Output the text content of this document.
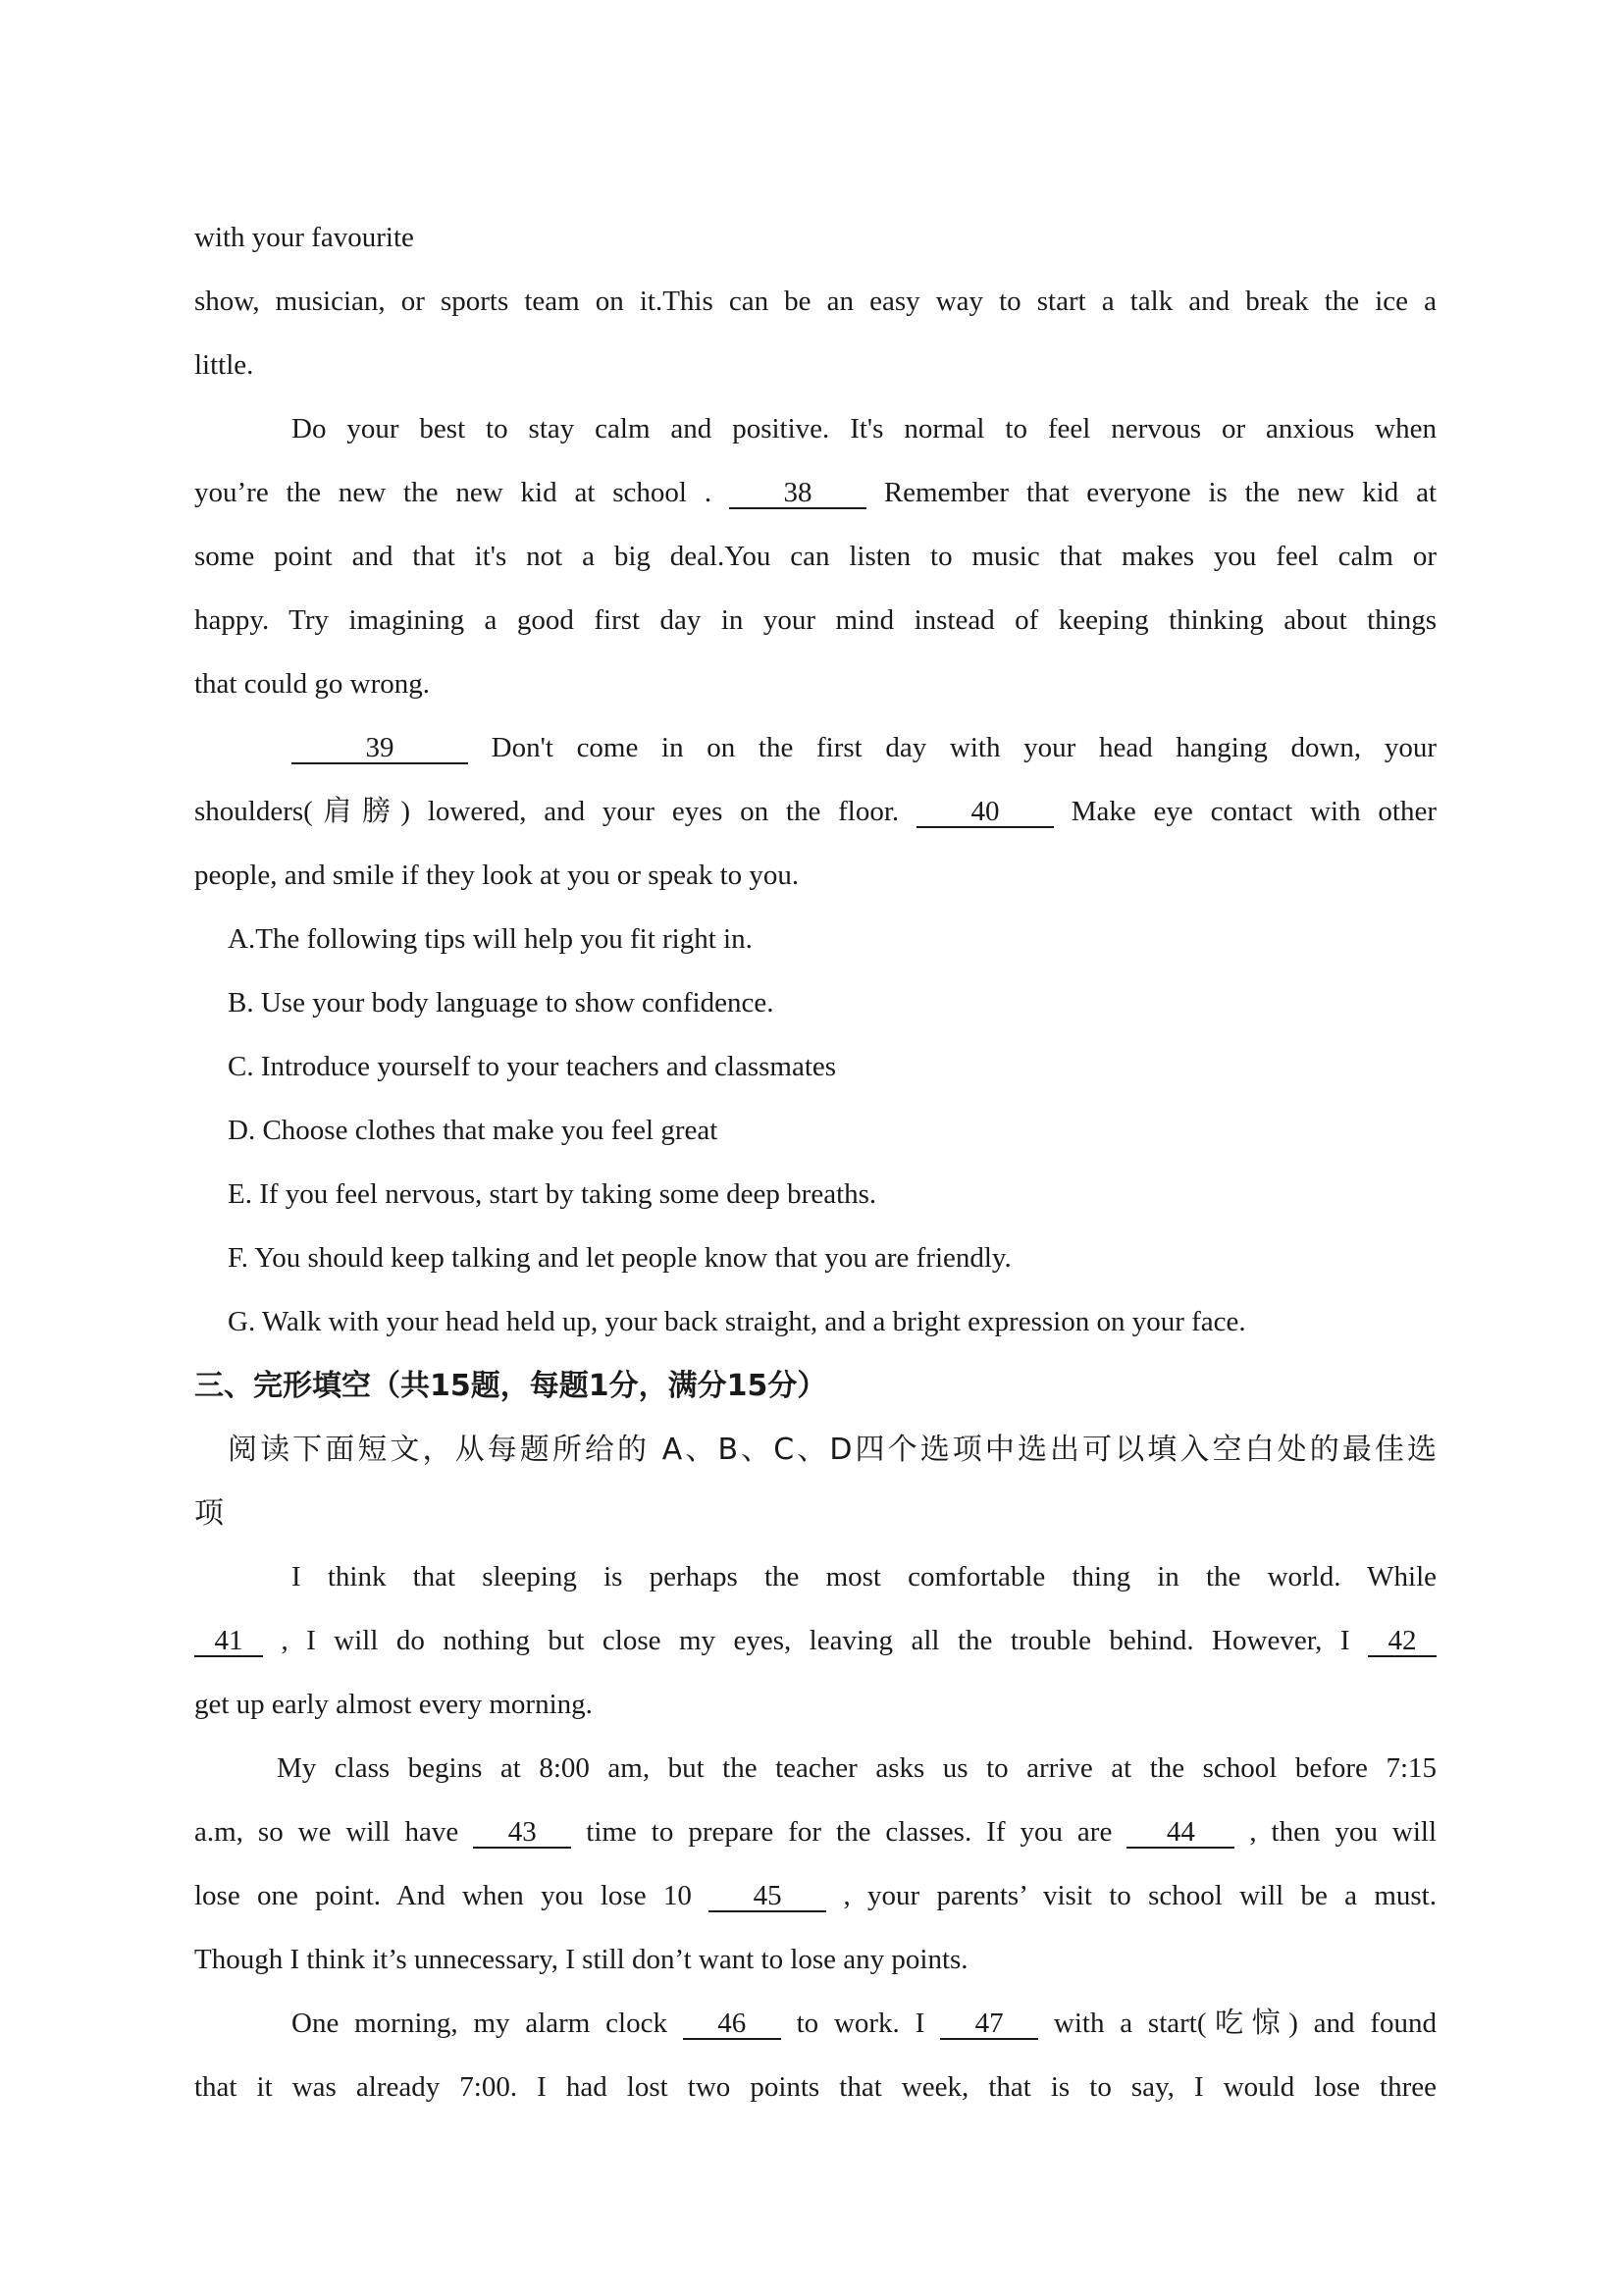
with your favourite
show, musician, or sports team on it.This can be an easy way to start a talk and break the ice a
little.
Do your best to stay calm and positive. It's normal to feel nervous or anxious when
you’re the new the new kid at school .	38	Remember that everyone is the new kid at
some point and that it's not a big deal.You can listen to music that makes you feel calm or
happy. Try imagining a good first day in your mind instead of keeping thinking about things
that could go wrong.
39	Don't come in on the first day with your head hanging down, your
shoulders(肩膀) lowered, and your eyes on the floor.	40	Make eye contact with other
people, and smile if they look at you or speak to you.
A.The following tips will help you fit right in.
B. Use your body language to show confidence.
C. Introduce yourself to your teachers and classmates
D. Choose clothes that make you feel great
E. If you feel nervous, start by taking some deep breaths.
F. You should keep talking and let people know that you are friendly.
G. Walk with your head held up, your back straight, and a bright expression on your face.
三、完形填空（共15题，每题1分，满分15分）
阅读下面短文，从每题所给的 A、B、C、D四个选项中选出可以填入空白处的最佳选
项
I think that sleeping is perhaps the most comfortable thing in the world. While
41 , I will do nothing but close my eyes, leaving all the trouble behind. However, I 42
get up early almost every morning.
My class begins at 8:00 am, but the teacher asks us to arrive at the school before 7:15
a.m, so we will have 43 time to prepare for the classes. If you are 44 , then you will
lose one point. And when you lose 10 45 , your parents’ visit to school will be a must.
Though I think it’s unnecessary, I still don’t want to lose any points.
One morning, my alarm clock 46 to work. I 47 with a start(吃惊) and found
that it was already 7:00. I had lost two points that week, that is to say, I would lose three
